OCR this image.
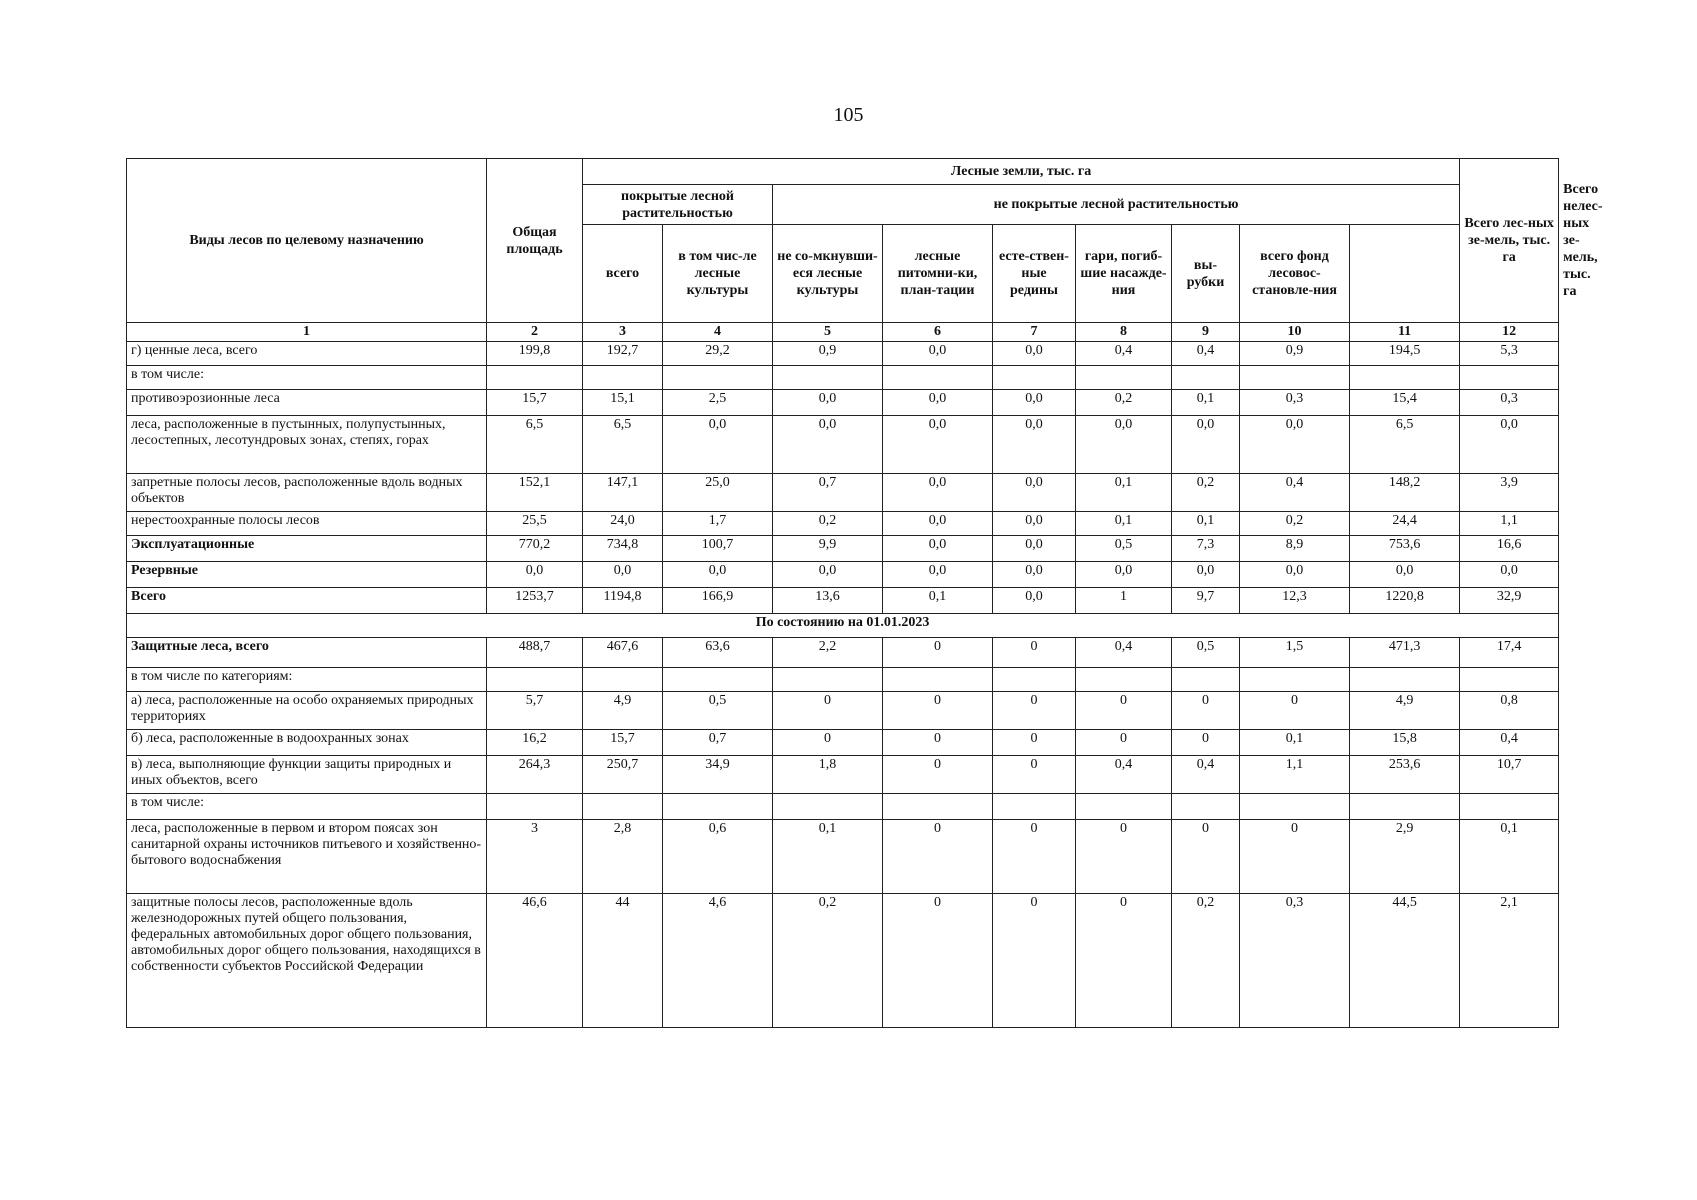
105
Виды лесов по целевому назначению	Общая площадь	Лесные земли, тыс. га									Всего лес-ных зе-мель, тыс. га	Всего нелес-ных зе-мель, тыс. га
		покрытые лесной растительностью		не покрытые лесной растительностью								
		всего	в том чис-ле лесные культуры	не со-мкнувши-еся лесные культуры	лесные питомни-ки, план-тации	есте-ствен-ные редины	гари, погиб-шие насажде-ния	вы-рубки	всего фонд лесовос-становле-ния			
1	2	3	4	5	6	7	8	9	10	11	12	
г) ценные леса, всего	199,8	192,7	29,2	0,9	0,0	0,0	0,4	0,4	0,9	194,5	5,3	
в том числе:												
противоэрозионные леса	15,7	15,1	2,5	0,0	0,0	0,0	0,2	0,1	0,3	15,4	0,3	
леса, расположенные в пустынных, полупустынных, лесостепных, лесотундровых зонах, степях, горах	6,5	6,5	0,0	0,0	0,0	0,0	0,0	0,0	0,0	6,5	0,0	
запретные полосы лесов, расположенные вдоль водных объектов	152,1	147,1	25,0	0,7	0,0	0,0	0,1	0,2	0,4	148,2	3,9	
нерестоохранные полосы лесов	25,5	24,0	1,7	0,2	0,0	0,0	0,1	0,1	0,2	24,4	1,1	
Эксплуатационные	770,2	734,8	100,7	9,9	0,0	0,0	0,5	7,3	8,9	753,6	16,6	
Резервные	0,0	0,0	0,0	0,0	0,0	0,0	0,0	0,0	0,0	0,0	0,0	
Всего	1253,7	1194,8	166,9	13,6	0,1	0,0	1	9,7	12,3	1220,8	32,9	
По состоянию на 01.01.2023												
Защитные леса, всего	488,7	467,6	63,6	2,2	0	0	0,4	0,5	1,5	471,3	17,4	
в том числе по категориям:												
а) леса, расположенные на особо охраняемых природных территориях	5,7	4,9	0,5	0	0	0	0	0	0	4,9	0,8	
б) леса, расположенные в водоохранных зонах	16,2	15,7	0,7	0	0	0	0	0	0,1	15,8	0,4	
в) леса, выполняющие функции защиты природных и иных объектов, всего	264,3	250,7	34,9	1,8	0	0	0,4	0,4	1,1	253,6	10,7	
в том числе:												
леса, расположенные в первом и втором поясах зон санитарной охраны источников питьевого и хозяйственно-бытового водоснабжения	3	2,8	0,6	0,1	0	0	0	0	0	2,9	0,1	
защитные полосы лесов, расположенные вдоль железнодорожных путей общего пользования, федеральных автомобильных дорог общего пользования, автомобильных дорог общего пользования, находящихся в собственности субъектов Российской Федерации	46,6	44	4,6	0,2	0	0	0	0,2	0,3	44,5	2,1	
